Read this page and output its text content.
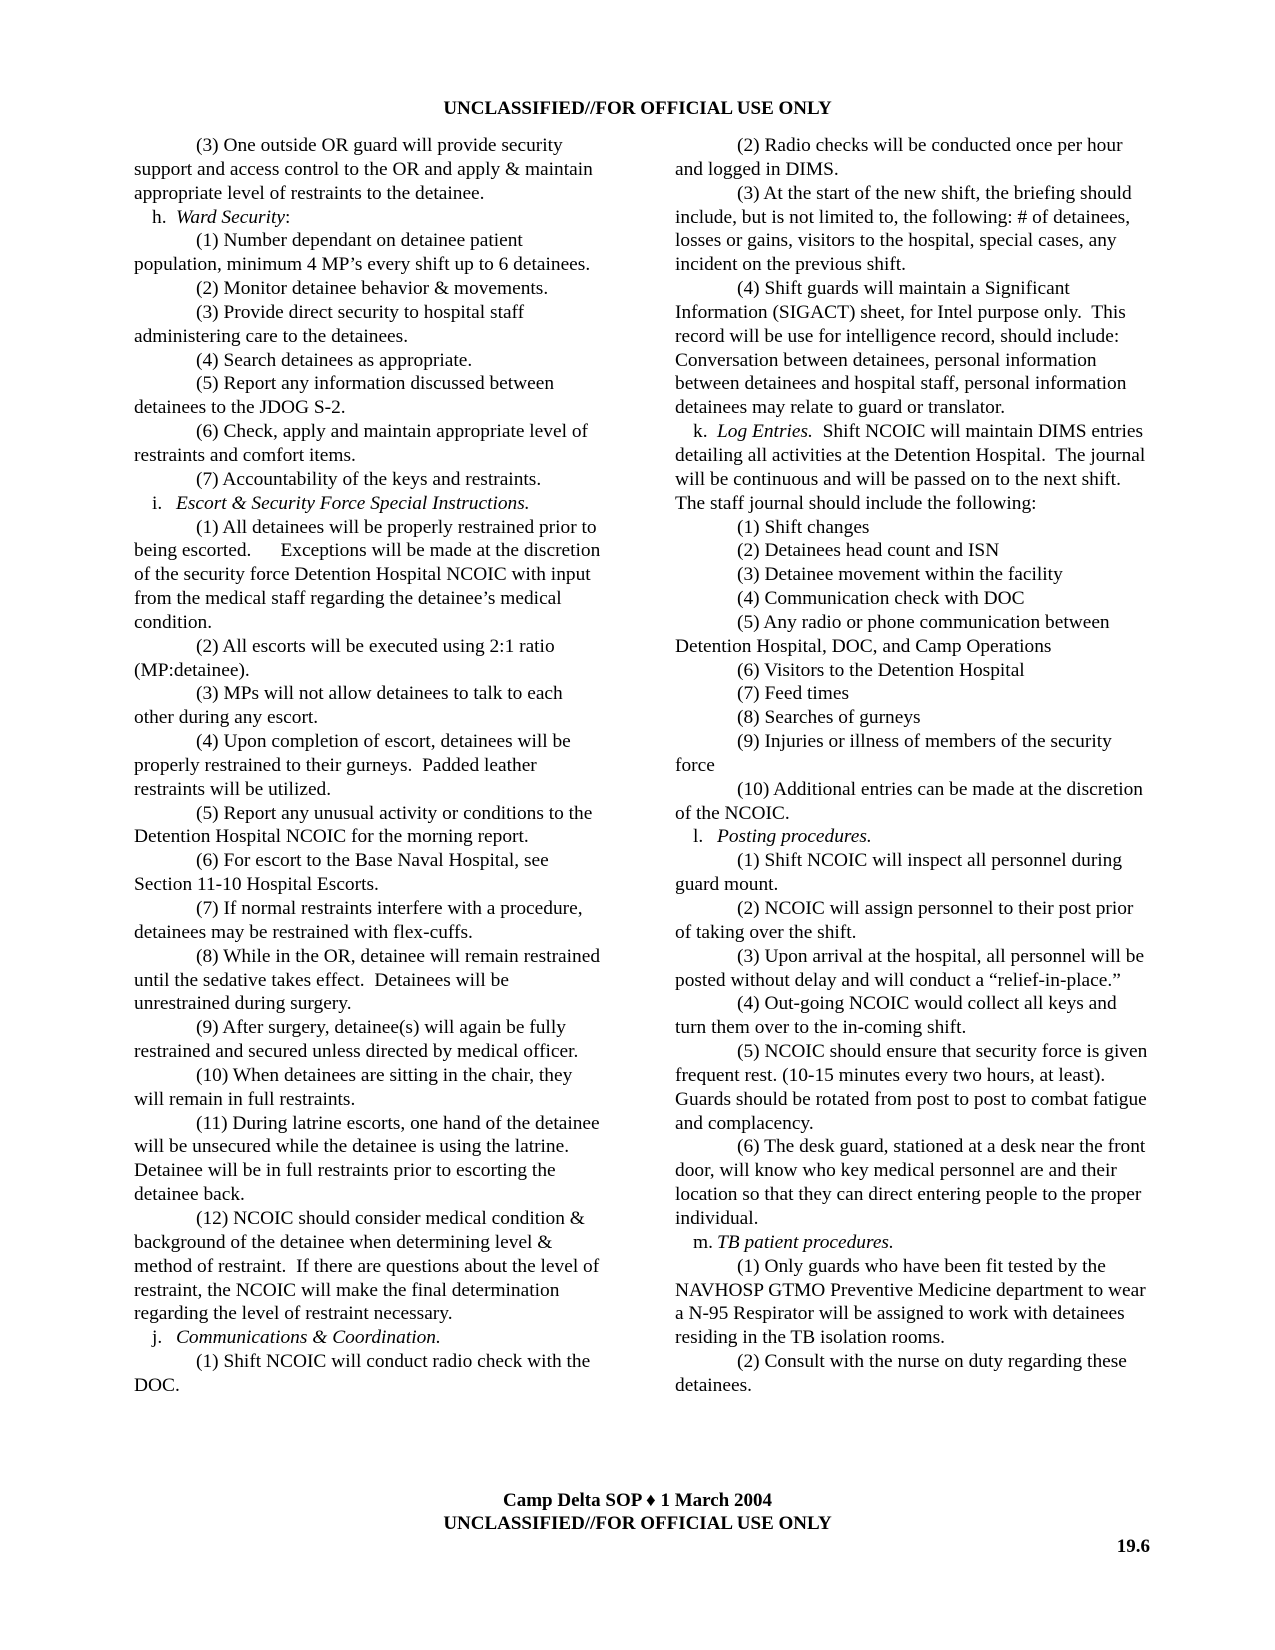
UNCLASSIFIED//FOR OFFICIAL USE ONLY

(3) One outside OR guard will provide security support and access control to the OR and apply & maintain appropriate level of restraints to the detainee.

h. Ward Security:

(1) Number dependant on detainee patient population, minimum 4 MP’s every shift up to 6 detainees.

(2) Monitor detainee behavior & movements.

(3) Provide direct security to hospital staff administering care to the detainees.

(4) Search detainees as appropriate.

(5) Report any information discussed between detainees to the JDOG S-2.

(6) Check, apply and maintain appropriate level of restraints and comfort items.

(7) Accountability of the keys and restraints.

i. Escort & Security Force Special Instructions.

(1) All detainees will be properly restrained prior to being escorted.      Exceptions will be made at the discretion of the security force Detention Hospital NCOIC with input from the medical staff regarding the detainee’s medical condition.

(2) All escorts will be executed using 2:1 ratio (MP:detainee).

(3) MPs will not allow detainees to talk to each other during any escort.

(4) Upon completion of escort, detainees will be properly restrained to their gurneys.  Padded leather restraints will be utilized.

(5) Report any unusual activity or conditions to the Detention Hospital NCOIC for the morning report.

(6) For escort to the Base Naval Hospital, see Section 11-10 Hospital Escorts.

(7) If normal restraints interfere with a procedure, detainees may be restrained with flex-cuffs.

(8) While in the OR, detainee will remain restrained until the sedative takes effect.  Detainees will be unrestrained during surgery.

(9) After surgery, detainee(s) will again be fully restrained and secured unless directed by medical officer.

(10) When detainees are sitting in the chair, they will remain in full restraints.

(11) During latrine escorts, one hand of the detainee will be unsecured while the detainee is using the latrine.  Detainee will be in full restraints prior to escorting the detainee back.

(12) NCOIC should consider medical condition & background of the detainee when determining level & method of restraint.  If there are questions about the level of restraint, the NCOIC will make the final determination regarding the level of restraint necessary.

j. Communications & Coordination.

(1) Shift NCOIC will conduct radio check with the DOC.

(2) Radio checks will be conducted once per hour and logged in DIMS.

(3) At the start of the new shift, the briefing should include, but is not limited to, the following: # of detainees, losses or gains, visitors to the hospital, special cases, any incident on the previous shift.

(4) Shift guards will maintain a Significant Information (SIGACT) sheet, for Intel purpose only.  This record will be use for intelligence record, should include: Conversation between detainees, personal information between detainees and hospital staff, personal information detainees may relate to guard or translator.

k. Log Entries.  Shift NCOIC will maintain DIMS entries detailing all activities at the Detention Hospital.  The journal will be continuous and will be passed on to the next shift. The staff journal should include the following:

(1) Shift changes

(2) Detainees head count and ISN

(3) Detainee movement within the facility

(4) Communication check with DOC

(5) Any radio or phone communication between Detention Hospital, DOC, and Camp Operations

(6) Visitors to the Detention Hospital

(7) Feed times

(8) Searches of gurneys

(9) Injuries or illness of members of the security force

(10) Additional entries can be made at the discretion of the NCOIC.

l. Posting procedures.

(1) Shift NCOIC will inspect all personnel during guard mount.

(2) NCOIC will assign personnel to their post prior of taking over the shift.

(3) Upon arrival at the hospital, all personnel will be posted without delay and will conduct a “relief-in-place.”

(4) Out-going NCOIC would collect all keys and turn them over to the in-coming shift.

(5) NCOIC should ensure that security force is given frequent rest. (10-15 minutes every two hours, at least).  Guards should be rotated from post to post to combat fatigue and complacency.

(6) The desk guard, stationed at a desk near the front door, will know who key medical personnel are and their location so that they can direct entering people to the proper individual.

m. TB patient procedures.

(1) Only guards who have been fit tested by the NAVHOSP GTMO Preventive Medicine department to wear a N-95 Respirator will be assigned to work with detainees residing in the TB isolation rooms.

(2) Consult with the nurse on duty regarding these detainees.

Camp Delta SOP ♦ 1 March 2004
UNCLASSIFIED//FOR OFFICIAL USE ONLY
19.6
